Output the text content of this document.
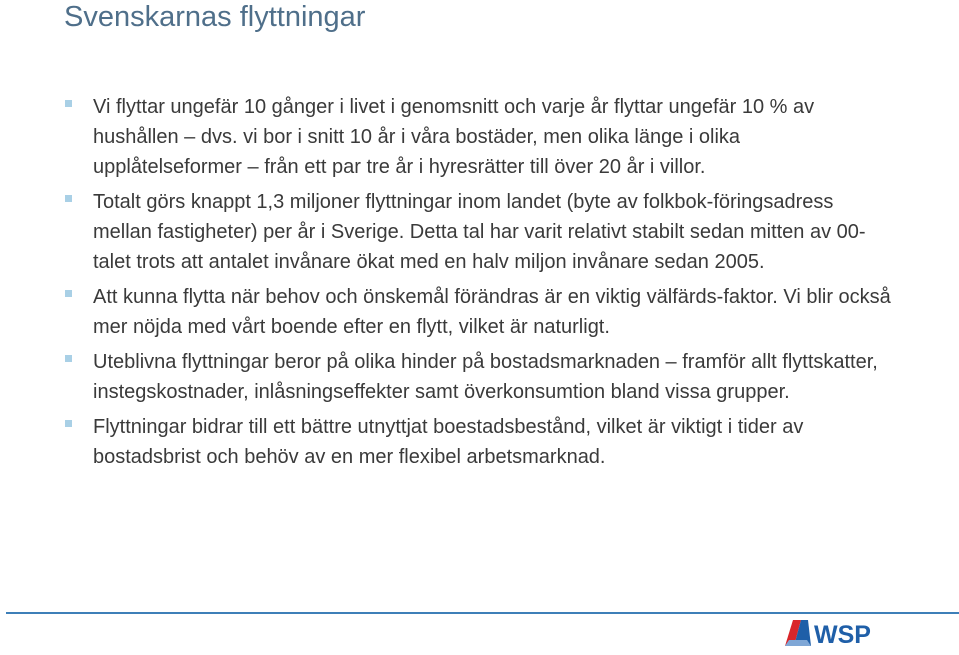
Svenskarnas flyttningar
Vi flyttar ungefär 10 gånger i livet i genomsnitt och varje år flyttar ungefär 10 % av hushållen – dvs. vi bor i snitt 10 år i våra bostäder, men olika länge i olika upplåtelseformer – från ett par tre år i hyresrätter till över 20 år i villor.
Totalt görs knappt 1,3 miljoner flyttningar inom landet (byte av folkbok-föringsadress mellan fastigheter) per år i Sverige. Detta tal har varit relativt stabilt sedan mitten av 00-talet trots att antalet invånare ökat med en halv miljon invånare sedan 2005.
Att kunna flytta när behov och önskemål förändras är en viktig välfärds-faktor. Vi blir också mer nöjda med vårt boende efter en flytt, vilket är naturligt.
Uteblivna flyttningar beror på olika hinder på bostadsmarknaden – framför allt flyttskatter, instegskostnader, inlåsningseffekter samt överkonsumtion bland vissa grupper.
Flyttningar bidrar till ett bättre utnyttjat boestadsbestånd, vilket är viktigt i tider av bostadsbrist och behöv av en mer flexibel arbetsmarknad.
WSP
